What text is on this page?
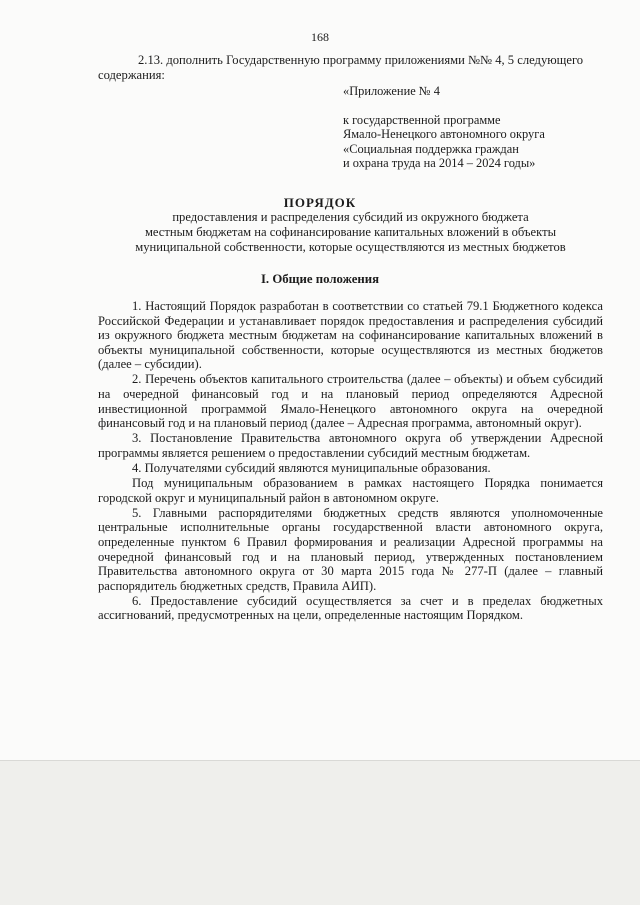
168

2.13. дополнить Государственную программу приложениями №№ 4, 5 следующего содержания:

«Приложение № 4
к государственной программе
Ямало-Ненецкого автономного округа
«Социальная поддержка граждан
и охрана труда на 2014 – 2024 годы»
ПОРЯДОК
предоставления и распределения субсидий из окружного бюджета
местным бюджетам на софинансирование капитальных вложений в объекты
муниципальной собственности, которые осуществляются из местных бюджетов
I. Общие положения

1. Настоящий Порядок разработан в соответствии со статьей 79.1 Бюджетного кодекса Российской Федерации и устанавливает порядок предоставления и распределения субсидий из окружного бюджета местным бюджетам на софинансирование капитальных вложений в объекты муниципальной собственности, которые осуществляются из местных бюджетов (далее – субсидии).

2. Перечень объектов капитального строительства (далее – объекты) и объем субсидий на очередной финансовый год и на плановый период определяются Адресной инвестиционной программой Ямало-Ненецкого автономного округа на очередной финансовый год и на плановый период (далее – Адресная программа, автономный округ).

3. Постановление Правительства автономного округа об утверждении Адресной программы является решением о предоставлении субсидий местным бюджетам.

4. Получателями субсидий являются муниципальные образования.

Под муниципальным образованием в рамках настоящего Порядка понимается городской округ и муниципальный район в автономном округе.

5. Главными распорядителями бюджетных средств являются уполномоченные центральные исполнительные органы государственной власти автономного округа, определенные пунктом 6 Правил формирования и реализации Адресной программы на очередной финансовый год и на плановый период, утвержденных постановлением Правительства автономного округа от 30 марта 2015 года № 277-П (далее – главный распорядитель бюджетных средств, Правила АИП).

6. Предоставление субсидий осуществляется за счет и в пределах бюджетных ассигнований, предусмотренных на цели, определенные настоящим Порядком.
